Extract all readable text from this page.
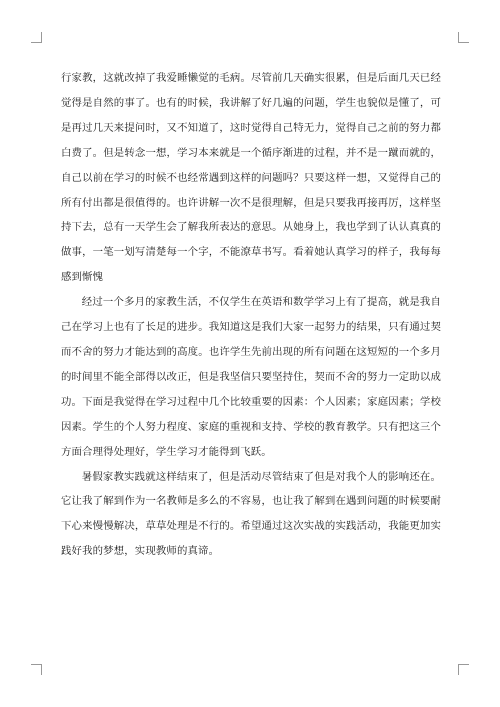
行家教，这就改掉了我爱睡懒觉的毛病。尽管前几天确实很累，但是后面几天已经觉得是自然的事了。也有的时候，我讲解了好几遍的问题，学生也貌似是懂了，可是再过几天来提问时，又不知道了，这时觉得自己特无力，觉得自己之前的努力都白费了。但是转念一想，学习本来就是一个循序渐进的过程，并不是一蹴而就的，自己以前在学习的时候不也经常遇到这样的问题吗？只要这样一想，又觉得自己的所有付出都是很值得的。也许讲解一次不是很理解，但是只要我再接再厉，这样坚持下去，总有一天学生会了解我所表达的意思。从她身上，我也学到了认认真真的做事，一笔一划写清楚每一个字，不能潦草书写。看着她认真学习的样子，我每每感到惭愧

经过一个多月的家教生活，不仅学生在英语和数学学习上有了提高，就是我自己在学习上也有了长足的进步。我知道这是我们大家一起努力的结果，只有通过契而不舍的努力才能达到的高度。也许学生先前出现的所有问题在这短短的一个多月的时间里不能全部得以改正，但是我坚信只要坚持住，契而不舍的努力一定助以成功。下面是我觉得在学习过程中几个比较重要的因素：个人因素；家庭因素；学校因素。学生的个人努力程度、家庭的重视和支持、学校的教育教学。只有把这三个方面合理得处理好，学生学习才能得到飞跃。

暑假家教实践就这样结束了，但是活动尽管结束了但是对我个人的影响还在。它让我了解到作为一名教师是多么的不容易，也让我了解到在遇到问题的时候要耐下心来慢慢解决，草草处理是不行的。希望通过这次实战的实践活动，我能更加实践好我的梦想，实现教师的真谛。
